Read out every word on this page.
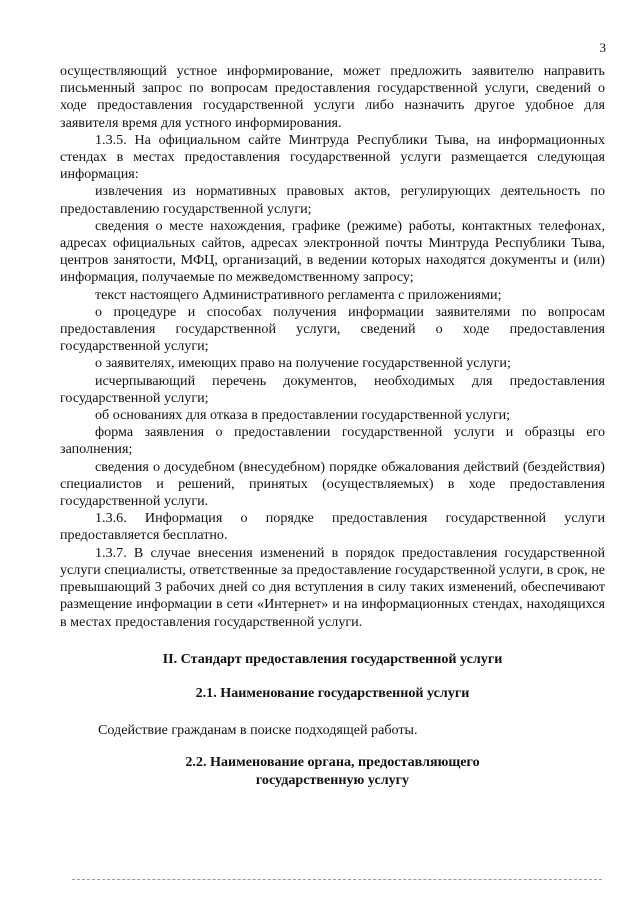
3

осуществляющий устное информирование, может предложить заявителю направить письменный запрос по вопросам предоставления государственной услуги, сведений о ходе предоставления государственной услуги либо назначить другое удобное для заявителя время для устного информирования.

1.3.5. На официальном сайте Минтруда Республики Тыва, на информационных стендах в местах предоставления государственной услуги размещается следующая информация:

извлечения из нормативных правовых актов, регулирующих деятельность по предоставлению государственной услуги;

сведения о месте нахождения, графике (режиме) работы, контактных телефонах, адресах официальных сайтов, адресах электронной почты Минтруда Республики Тыва, центров занятости, МФЦ, организаций, в ведении которых находятся документы и (или) информация, получаемые по межведомственному запросу;

текст настоящего Административного регламента с приложениями;

о процедуре и способах получения информации заявителями по вопросам предоставления государственной услуги, сведений о ходе предоставления государственной услуги;

о заявителях, имеющих право на получение государственной услуги;

исчерпывающий перечень документов, необходимых для предоставления государственной услуги;

об основаниях для отказа в предоставлении государственной услуги;

форма заявления о предоставлении государственной услуги и образцы его заполнения;

сведения о досудебном (внесудебном) порядке обжалования действий (бездействия) специалистов и решений, принятых (осуществляемых) в ходе предоставления государственной услуги.

1.3.6. Информация о порядке предоставления государственной услуги предоставляется бесплатно.

1.3.7. В случае внесения изменений в порядок предоставления государственной услуги специалисты, ответственные за предоставление государственной услуги, в срок, не превышающий 3 рабочих дней со дня вступления в силу таких изменений, обеспечивают размещение информации в сети «Интернет» и на информационных стендах, находящихся в местах предоставления государственной услуги.

II. Стандарт предоставления государственной услуги

2.1. Наименование государственной услуги

Содействие гражданам в поиске подходящей работы.

2.2. Наименование органа, предоставляющего
государственную услугу
